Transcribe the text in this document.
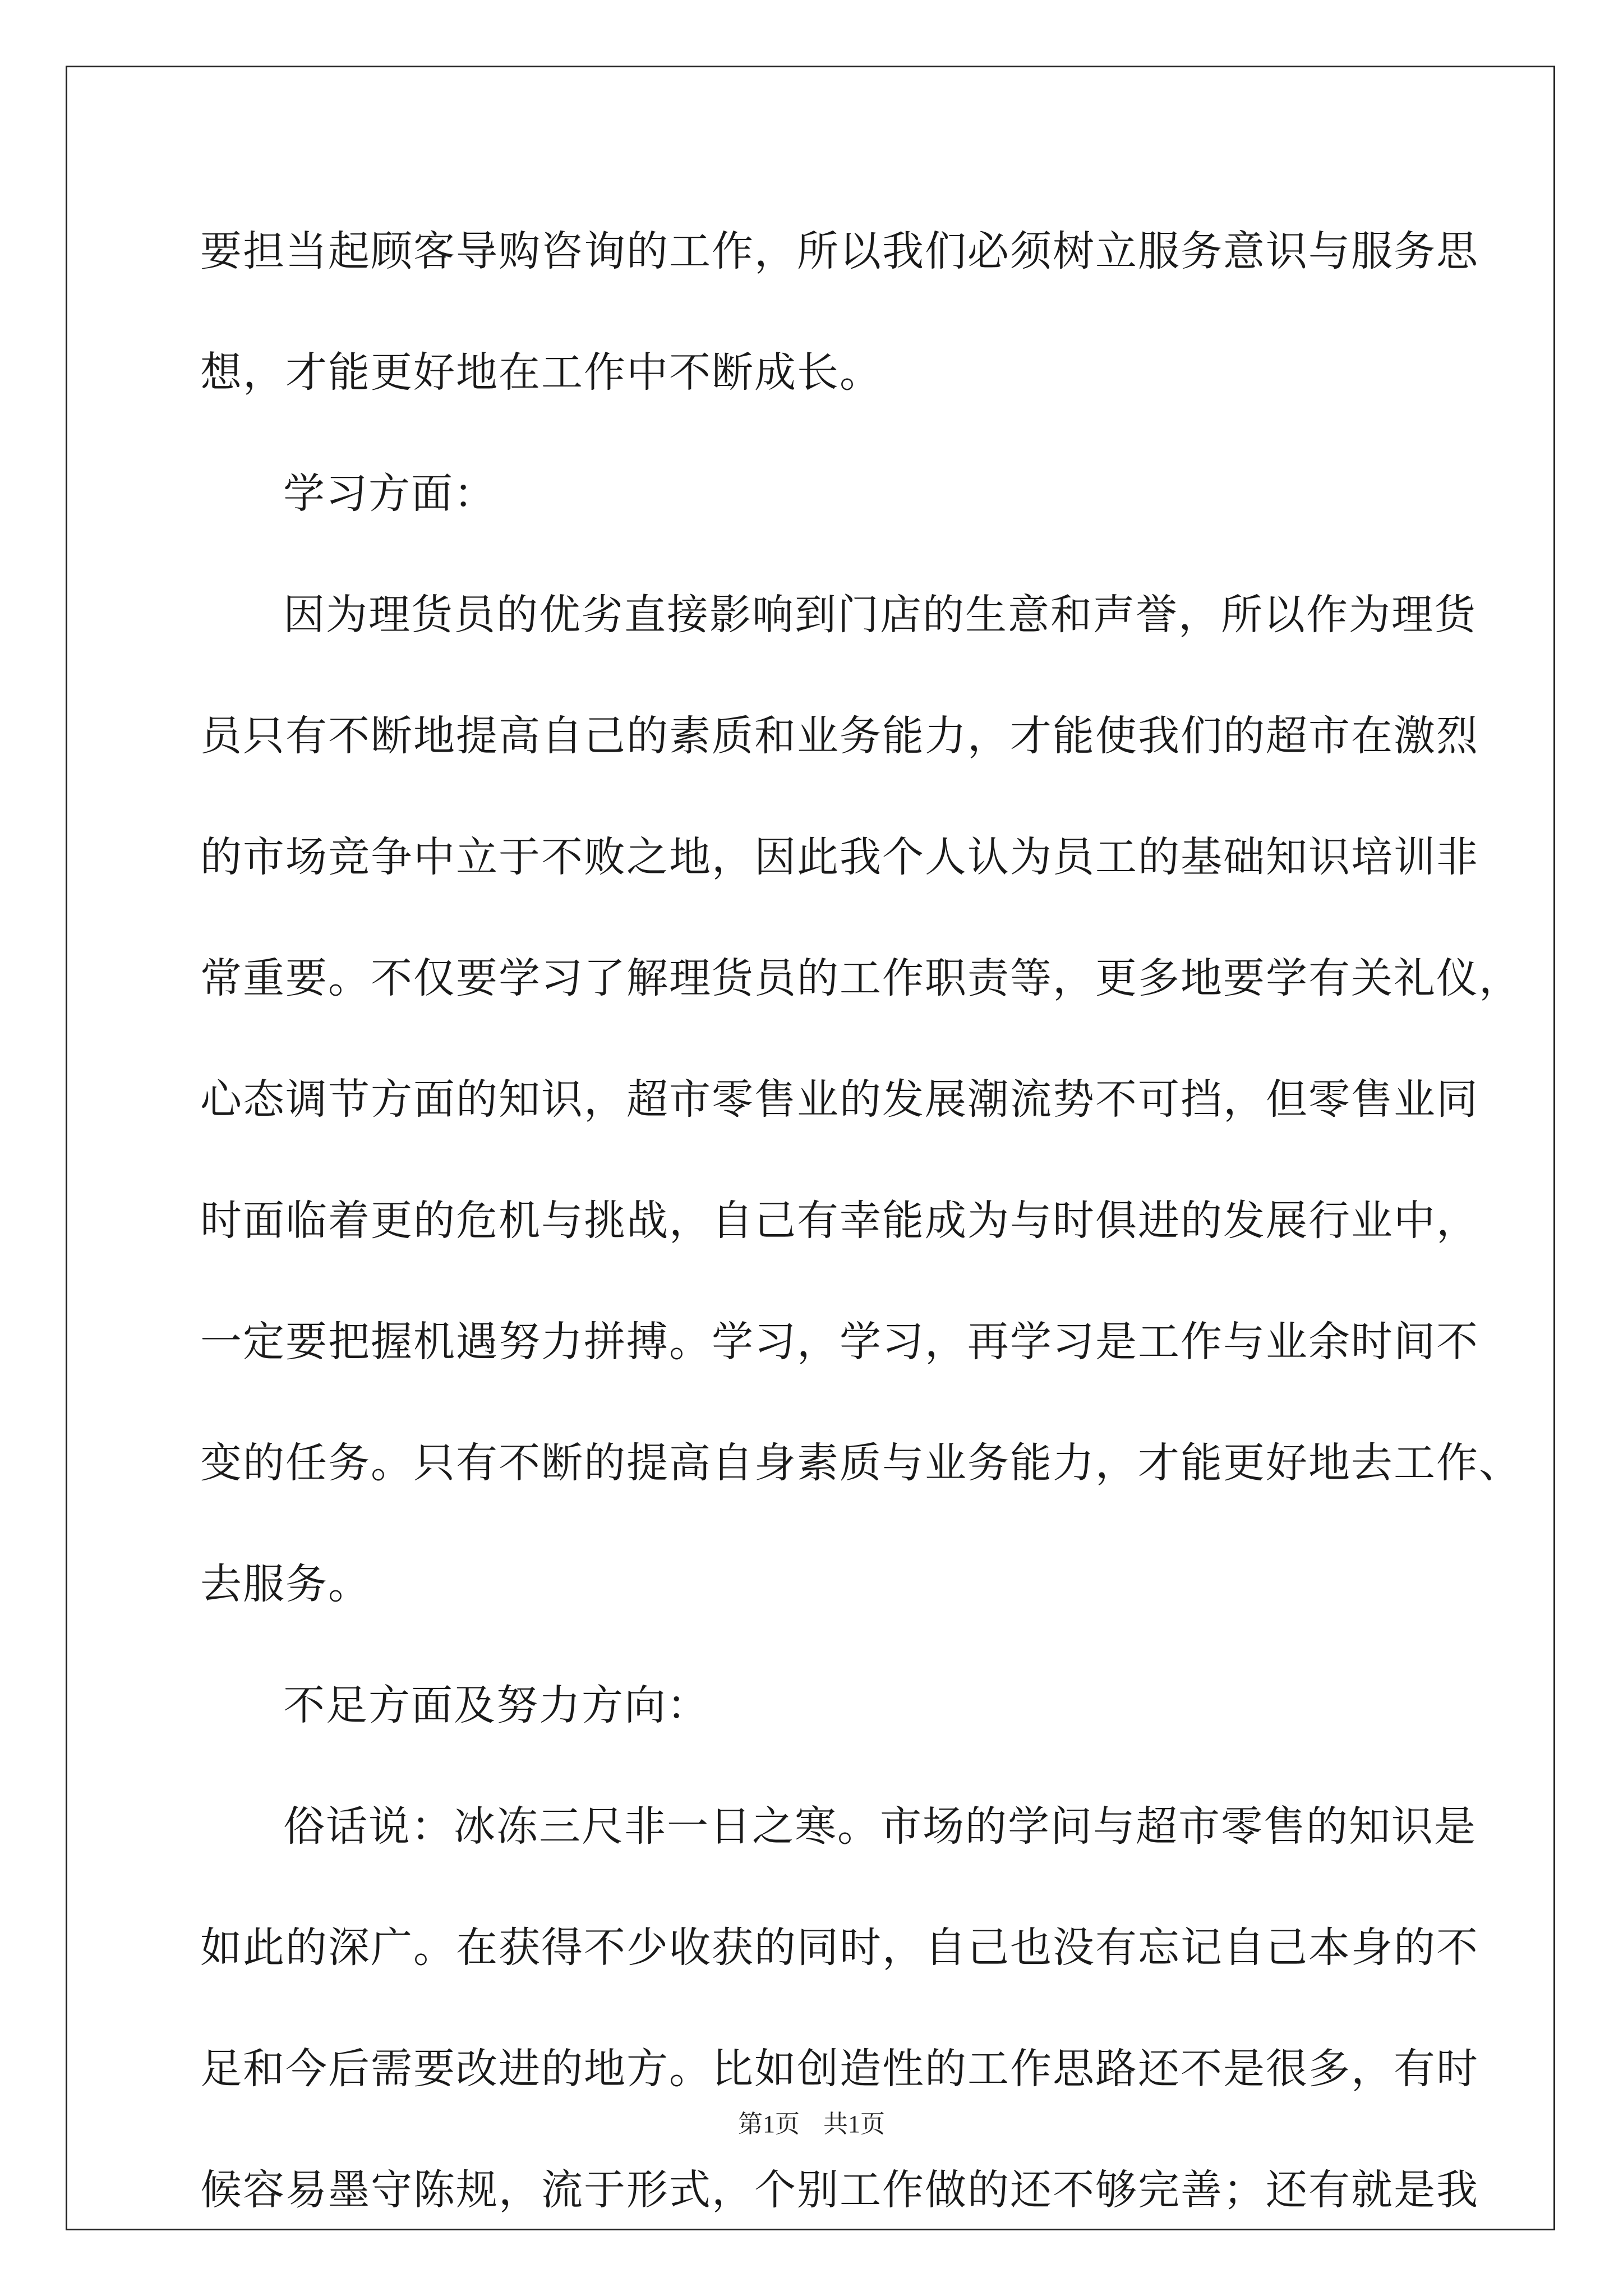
要担当起顾客导购咨询的工作，所以我们必须树立服务意识与服务思
想，才能更好地在工作中不断成长。
学习方面：
因为理货员的优劣直接影响到门店的生意和声誉，所以作为理货
员只有不断地提高自己的素质和业务能力，才能使我们的超市在激烈
的市场竞争中立于不败之地，因此我个人认为员工的基础知识培训非
常重要。不仅要学习了解理货员的工作职责等，更多地要学有关礼仪，
心态调节方面的知识，超市零售业的发展潮流势不可挡，但零售业同
时面临着更的危机与挑战，自己有幸能成为与时俱进的发展行业中，
一定要把握机遇努力拼搏。学习，学习，再学习是工作与业余时间不
变的任务。只有不断的提高自身素质与业务能力，才能更好地去工作、
去服务。
不足方面及努力方向：
俗话说：冰冻三尺非一日之寒。市场的学问与超市零售的知识是
如此的深广。在获得不少收获的同时，自己也没有忘记自己本身的不
足和今后需要改进的地方。比如创造性的工作思路还不是很多，有时
候容易墨守陈规，流于形式，个别工作做的还不够完善；还有就是我
第1页 共1页
